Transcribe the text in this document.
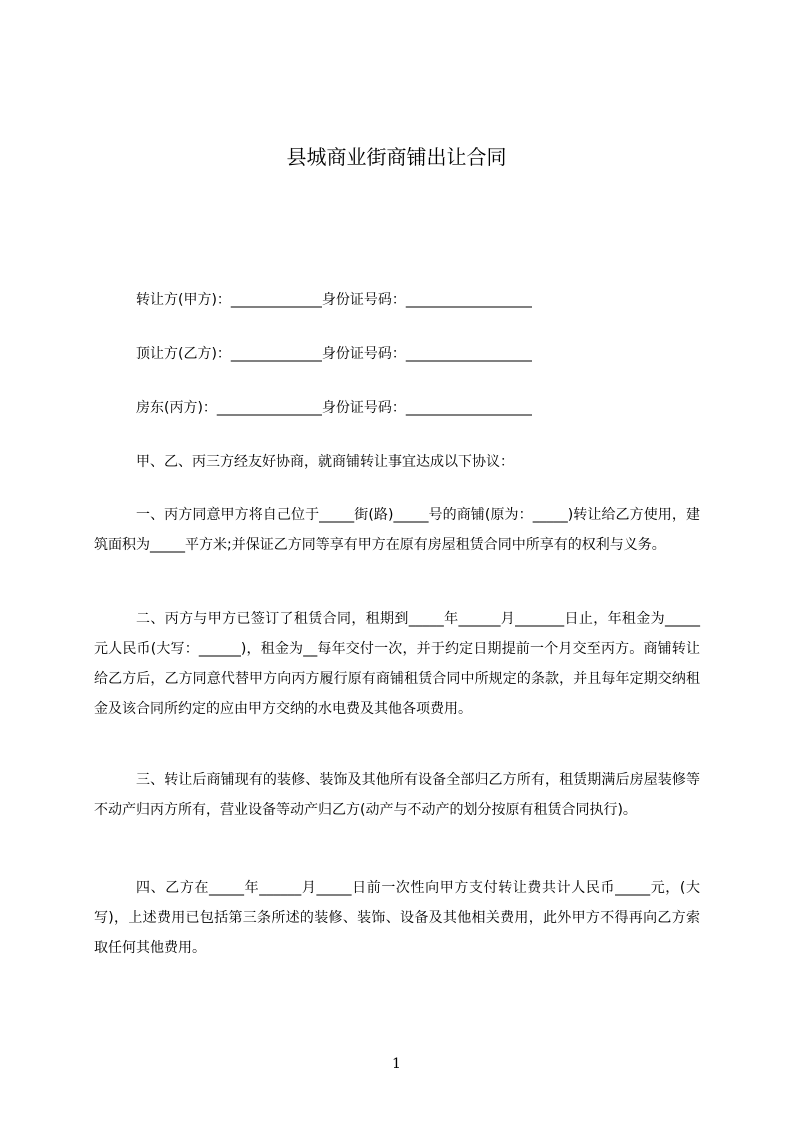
县城商业街商铺出让合同

转让方(甲方)：_____________身份证号码：__________________

顶让方(乙方)：_____________身份证号码：__________________

房东(丙方)：_______________身份证号码：__________________

甲、乙、丙三方经友好协商，就商铺转让事宜达成以下协议：

一、丙方同意甲方将自己位于_____街(路)_____号的商铺(原为：_____)转让给乙方使用，建筑面积为_____平方米;并保证乙方同等享有甲方在原有房屋租赁合同中所享有的权利与义务。

二、丙方与甲方已签订了租赁合同，租期到_____年______月_______日止，年租金为_____元人民币(大写：______)，租金为__每年交付一次，并于约定日期提前一个月交至丙方。商铺转让给乙方后，乙方同意代替甲方向丙方履行原有商铺租赁合同中所规定的条款，并且每年定期交纳租金及该合同所约定的应由甲方交纳的水电费及其他各项费用。

三、转让后商铺现有的装修、装饰及其他所有设备全部归乙方所有，租赁期满后房屋装修等不动产归丙方所有，营业设备等动产归乙方(动产与不动产的划分按原有租赁合同执行)。

四、乙方在_____年______月_____日前一次性向甲方支付转让费共计人民币_____元，(大写)，上述费用已包括第三条所述的装修、装饰、设备及其他相关费用，此外甲方不得再向乙方索取任何其他费用。

1
